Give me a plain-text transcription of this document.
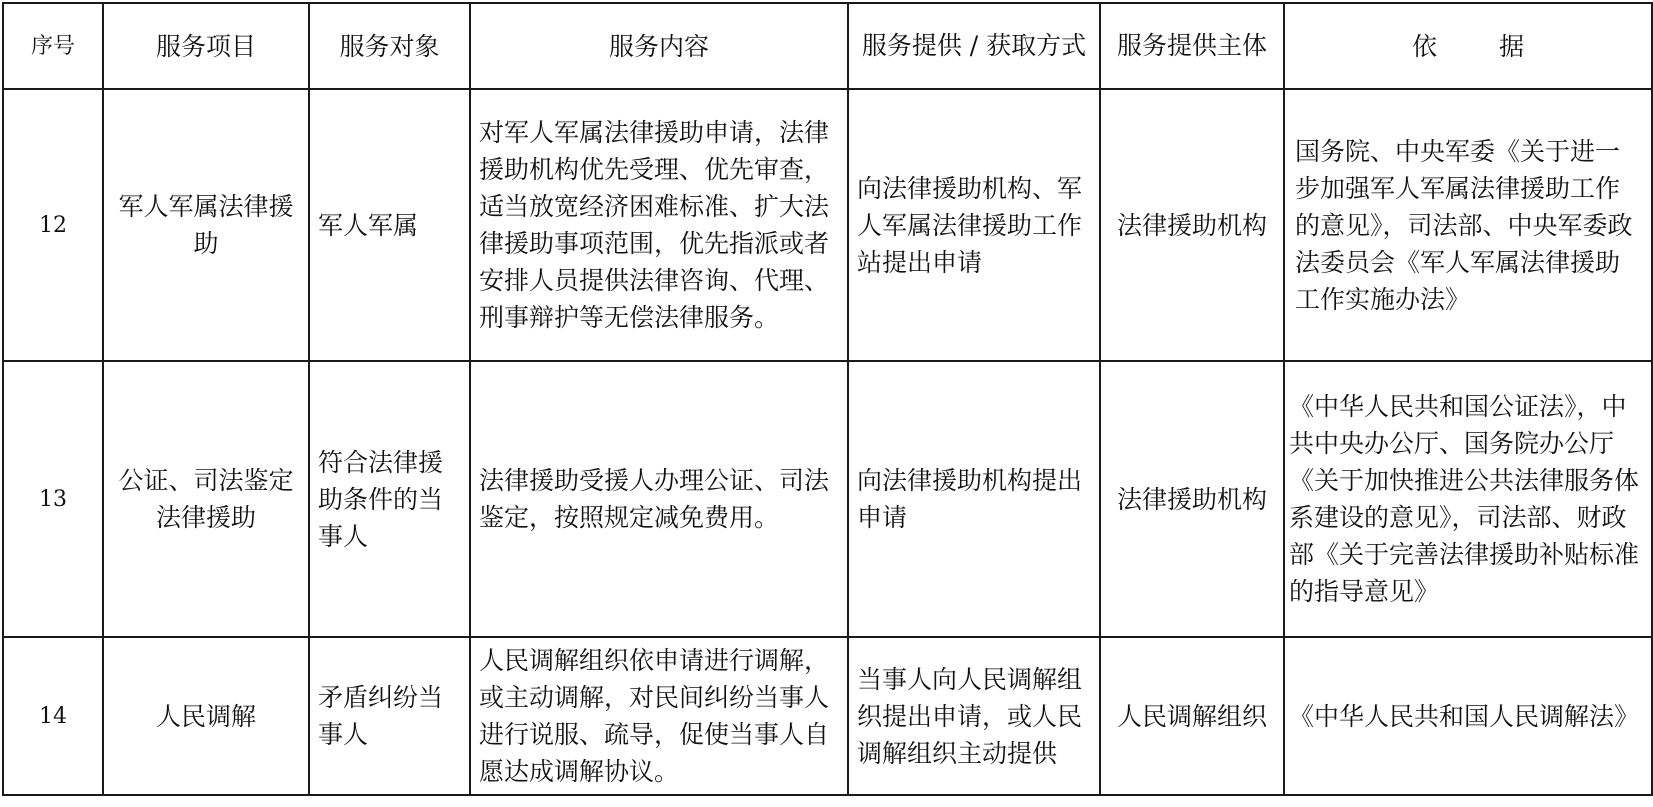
序号	服务项目	服务对象	服务内容	服务提供 / 获取方式	服务提供主体	依 据
12	军人军属法律援助	军人军属	对军人军属法律援助申请，法律援助机构优先受理、优先审查，适当放宽经济困难标准、扩大法律援助事项范围，优先指派或者安排人员提供法律咨询、代理、刑事辩护等无偿法律服务。	向法律援助机构、军人军属法律援助工作站提出申请	法律援助机构	国务院、中央军委《关于进一步加强军人军属法律援助工作的意见》，司法部、中央军委政法委员会《军人军属法律援助工作实施办法》
13	公证、司法鉴定法律援助	符合法律援助条件的当事人	法律援助受援人办理公证、司法鉴定，按照规定减免费用。	向法律援助机构提出申请	法律援助机构	《中华人民共和国公证法》，中共中央办公厅、国务院办公厅《关于加快推进公共法律服务体系建设的意见》，司法部、财政部《关于完善法律援助补贴标准的指导意见》
14	人民调解	矛盾纠纷当事人	人民调解组织依申请进行调解，或主动调解，对民间纠纷当事人进行说服、疏导，促使当事人自愿达成调解协议。	当事人向人民调解组织提出申请，或人民调解组织主动提供	人民调解组织	《中华人民共和国人民调解法》
